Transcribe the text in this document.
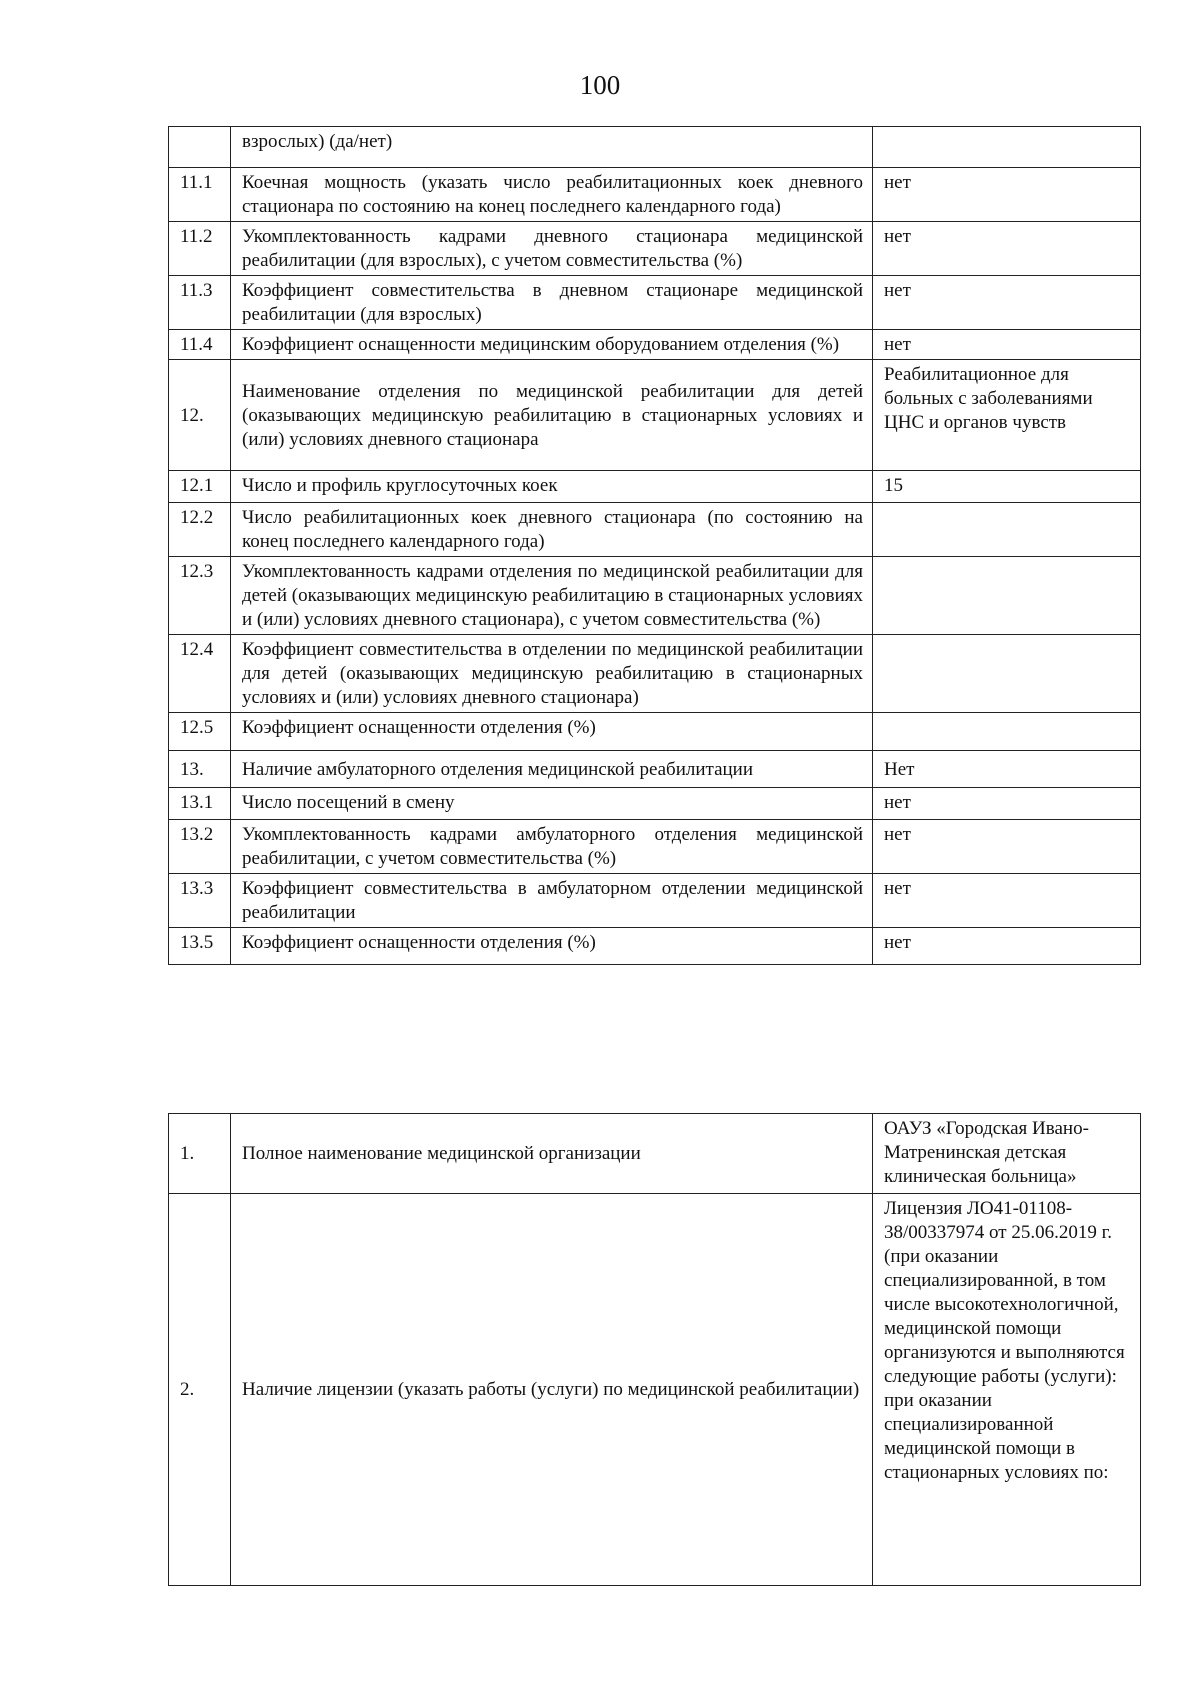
100
	взрослых) (да/нет)	
11.1	Коечная мощность (указать число реабилитационных коек дневного стационара по состоянию на конец последнего календарного года)	нет
11.2	Укомплектованность кадрами дневного стационара медицинской реабилитации (для взрослых), с учетом совместительства (%)	нет
11.3	Коэффициент совместительства в дневном стационаре медицинской реабилитации (для взрослых)	нет
11.4	Коэффициент оснащенности медицинским оборудованием отделения (%)	нет
12.	Наименование отделения по медицинской реабилитации для детей (оказывающих медицинскую реабилитацию в стационарных условиях и (или) условиях дневного стационара	Реабилитационное для больных с заболеваниями ЦНС и органов чувств
12.1	Число и профиль круглосуточных коек	15
12.2	Число реабилитационных коек дневного стационара (по состоянию на конец последнего календарного года)	
12.3	Укомплектованность кадрами отделения по медицинской реабилитации для детей (оказывающих медицинскую реабилитацию в стационарных условиях и (или) условиях дневного стационара), с учетом совместительства (%)	
12.4	Коэффициент совместительства в отделении по медицинской реабилитации для детей (оказывающих медицинскую реабилитацию в стационарных условиях и (или) условиях дневного стационара)	
12.5	Коэффициент оснащенности отделения (%)	
13.	Наличие амбулаторного отделения медицинской реабилитации	Нет
13.1	Число посещений в смену	нет
13.2	Укомплектованность кадрами амбулаторного отделения медицинской реабилитации, с учетом совместительства (%)	нет
13.3	Коэффициент совместительства в амбулаторном отделении медицинской реабилитации	нет
13.5	Коэффициент оснащенности отделения (%)	нет
1.	Полное наименование медицинской организации	ОАУЗ «Городская Ивано-Матренинская детская клиническая больница»
2.	Наличие лицензии (указать работы (услуги) по медицинской реабилитации)	Лицензия ЛО41-01108-38/00337974 от 25.06.2019 г.
(при оказании специализированной, в том числе высокотехнологичной, медицинской помощи организуются и выполняются следующие работы (услуги): при оказании специализированной медицинской помощи в стационарных условиях по:
